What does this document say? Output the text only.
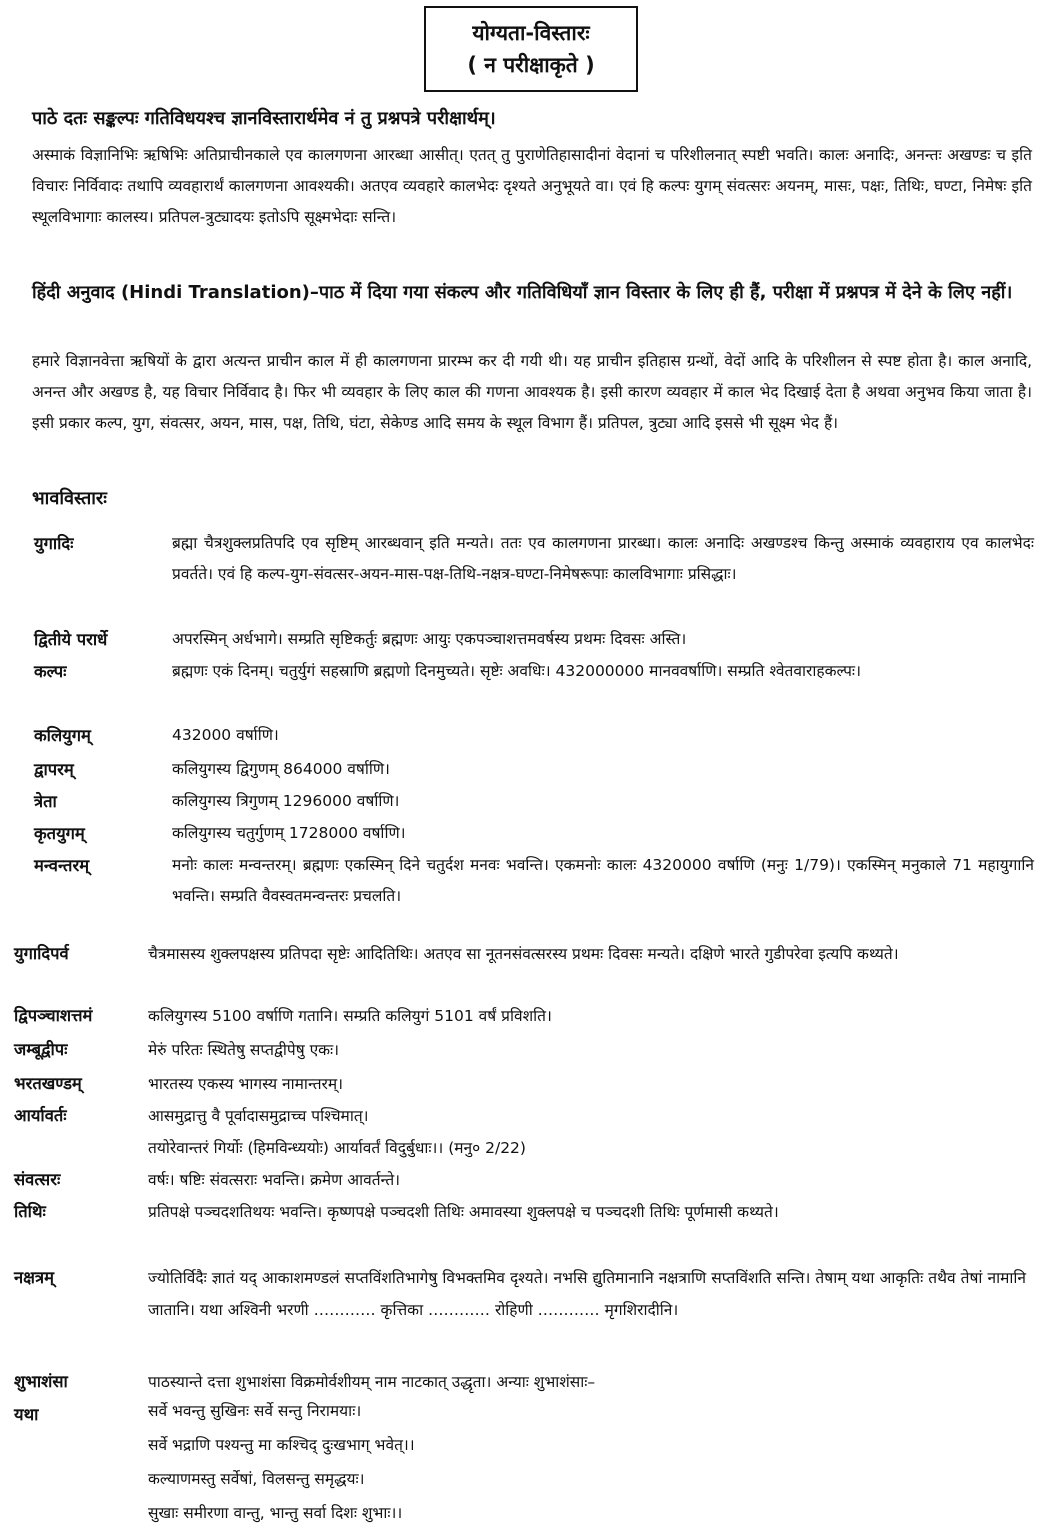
योग्यता-विस्तारः
( न परीक्षाकृते )
पाठे दतः सङ्कल्पः गतिविधयश्च ज्ञानविस्तारार्थमेव नं तु प्रश्नपत्रे परीक्षार्थम्।
अस्माकं विज्ञानिभिः ऋषिभिः अतिप्राचीनकाले एव कालगणना आरब्धा आसीत्। एतत् तु पुराणेतिहासादीनां वेदानां च परिशीलनात् स्पष्टी भवति। कालः अनादिः, अनन्तः अखण्डः च इति विचारः निर्विवादः तथापि व्यवहारार्थं कालगणना आवश्यकी। अतएव व्यवहारे कालभेदः दृश्यते अनुभूयते वा। एवं हि कल्पः युगम् संवत्सरः अयनम्, मासः, पक्षः, तिथिः, घण्टा, निमेषः इति स्थूलविभागाः कालस्य। प्रतिपल-त्रुट्यादयः इतोऽपि सूक्ष्मभेदाः सन्ति।
हिंदी अनुवाद (Hindi Translation)–पाठ में दिया गया संकल्प और गतिविधियाँ ज्ञान विस्तार के लिए ही हैं, परीक्षा में प्रश्नपत्र में देने के लिए नहीं।
हमारे विज्ञानवेत्ता ऋषियों के द्वारा अत्यन्त प्राचीन काल में ही कालगणना प्रारम्भ कर दी गयी थी। यह प्राचीन इतिहास ग्रन्थों, वेदों आदि के परिशीलन से स्पष्ट होता है। काल अनादि, अनन्त और अखण्ड है, यह विचार निर्विवाद है। फिर भी व्यवहार के लिए काल की गणना आवश्यक है। इसी कारण व्यवहार में काल भेद दिखाई देता है अथवा अनुभव किया जाता है। इसी प्रकार कल्प, युग, संवत्सर, अयन, मास, पक्ष, तिथि, घंटा, सेकेण्ड आदि समय के स्थूल विभाग हैं। प्रतिपल, त्रुट्या आदि इससे भी सूक्ष्म भेद हैं।
भावविस्तारः
युगादिः	ब्रह्मा चैत्रशुक्लप्रतिपदि एव सृष्टिम् आरब्धवान् इति मन्यते। ततः एव कालगणना प्रारब्धा। कालः अनादिः अखण्डश्च किन्तु अस्माकं व्यवहाराय एव कालभेदः प्रवर्तते। एवं हि कल्प-युग-संवत्सर-अयन-मास-पक्ष-तिथि-नक्षत्र-घण्टा-निमेषरूपाः कालविभागाः प्रसिद्धाः।
द्वितीये परार्धे	अपरस्मिन् अर्धभागे। सम्प्रति सृष्टिकर्तुः ब्रह्मणः आयुः एकपञ्चाशत्तमवर्षस्य प्रथमः दिवसः अस्ति।
कल्पः	ब्रह्मणः एकं दिनम्। चतुर्युगं सहस्राणि ब्रह्मणो दिनमुच्यते। सृष्टेः अवधिः। 432000000 मानववर्षाणि। सम्प्रति श्वेतवाराहकल्पः।
कलियुगम्	432000 वर्षाणि।
द्वापरम्	कलियुगस्य द्विगुणम् 864000 वर्षाणि।
त्रेता	कलियुगस्य त्रिगुणम् 1296000 वर्षाणि।
कृतयुगम्	कलियुगस्य चतुर्गुणम् 1728000 वर्षाणि।
मन्वन्तरम्	मनोः कालः मन्वन्तरम्। ब्रह्मणः एकस्मिन् दिने चतुर्दश मनवः भवन्ति। एकमनोः कालः 4320000 वर्षाणि (मनुः 1/79)। एकस्मिन् मनुकाले 71 महायुगानि भवन्ति। सम्प्रति वैवस्वतमन्वन्तरः प्रचलति।
युगादिपर्व	चैत्रमासस्य शुक्लपक्षस्य प्रतिपदा सृष्टेः आदितिथिः। अतएव सा नूतनसंवत्सरस्य प्रथमः दिवसः मन्यते। दक्षिणे भारते गुडीपरेवा इत्यपि कथ्यते।
द्विपञ्चाशत्तमं	कलियुगस्य 5100 वर्षाणि गतानि। सम्प्रति कलियुगं 5101 वर्षं प्रविशति।
जम्बूद्वीपः	मेरुं परितः स्थितेषु सप्तद्वीपेषु एकः।
भरतखण्डम्	भारतस्य एकस्य भागस्य नामान्तरम्।
आर्यावर्तः	आसमुद्रात्तु वै पूर्वादासमुद्राच्च पश्चिमात्।
तयोरेवान्तरं गिर्योः (हिमविन्ध्ययोः) आर्यावर्तं विदुर्बुधाः।। (मनु० 2/22)
संवत्सरः	वर्षः। षष्टिः संवत्सराः भवन्ति। क्रमेण आवर्तन्ते।
तिथिः	प्रतिपक्षे पञ्चदशतिथयः भवन्ति। कृष्णपक्षे पञ्चदशी तिथिः अमावस्या शुक्लपक्षे च पञ्चदशी तिथिः पूर्णमासी कथ्यते।
नक्षत्रम्	ज्योतिर्विदैः ज्ञातं यद् आकाशमण्डलं सप्तविंशतिभागेषु विभक्तमिव दृश्यते। नभसि द्युतिमानानि नक्षत्राणि सप्तविंशति सन्ति। तेषाम् यथा आकृतिः तथैव तेषां नामानि जातानि। यथा अश्विनी भरणी ………… कृत्तिका ………… रोहिणी ………… मृगशिरादीनि।
शुभाशंसा	पाठस्यान्ते दत्ता शुभाशंसा विक्रमोर्वशीयम् नाम नाटकात् उद्धृता। अन्याः शुभाशंसाः–
यथा	सर्वे भवन्तु सुखिनः सर्वे सन्तु निरामयाः।
सर्वे भद्राणि पश्यन्तु मा कश्चिद् दुःखभाग् भवेत्।।
कल्याणमस्तु सर्वेषां, विलसन्तु समृद्धयः।
सुखाः समीरणा वान्तु, भान्तु सर्वा दिशः शुभाः।।
